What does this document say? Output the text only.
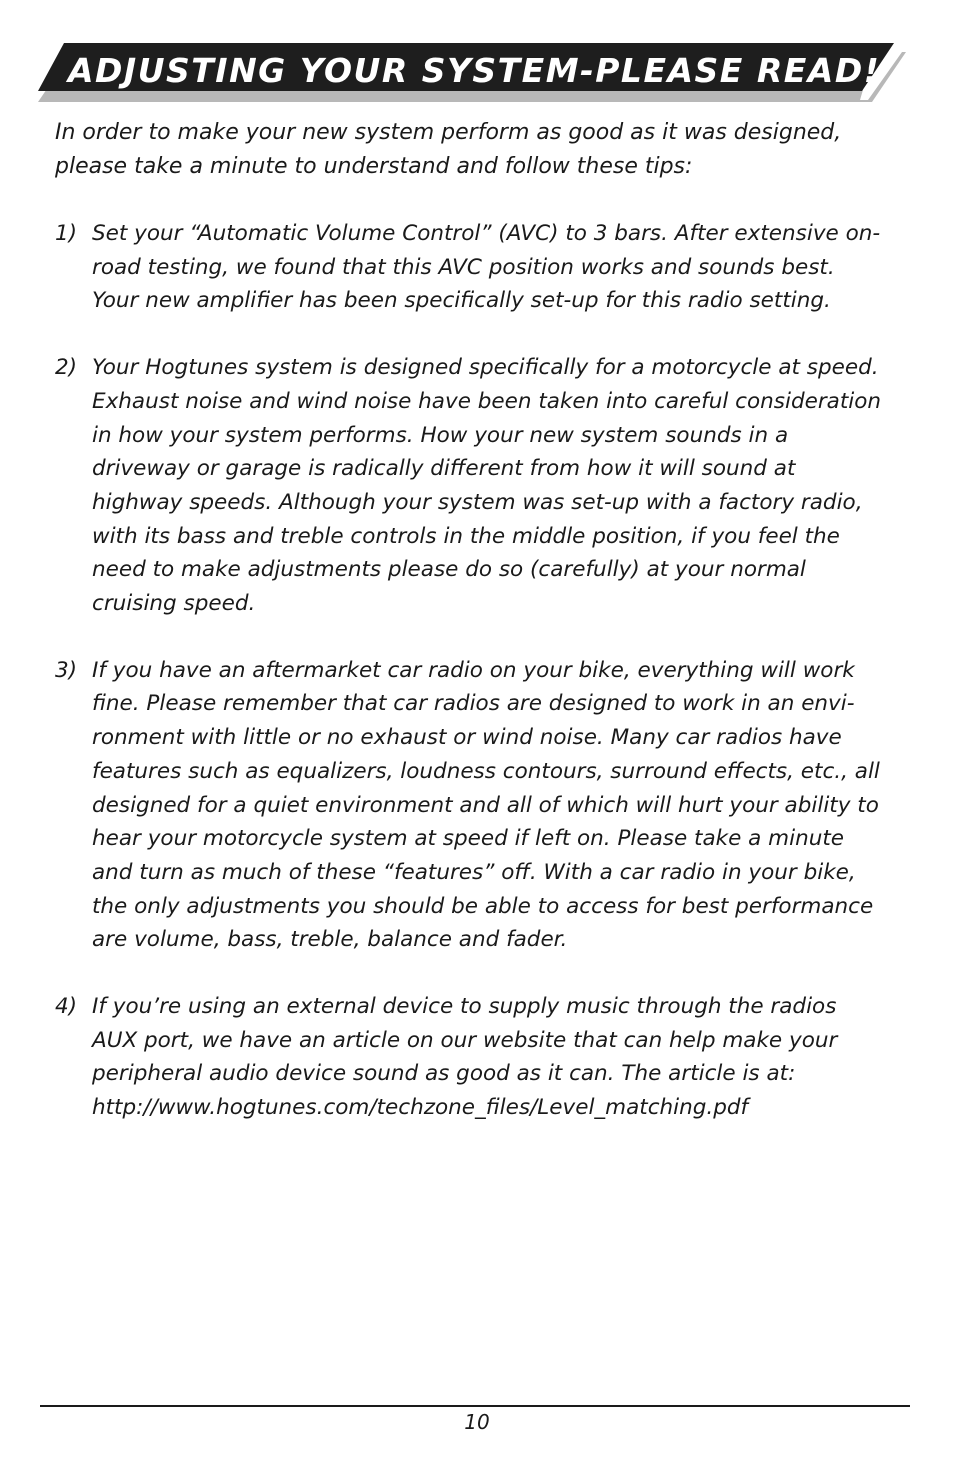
ADJUSTING YOUR SYSTEM-PLEASE READ!

In order to make your new system perform as good as it was designed, please take a minute to understand and follow these tips:

1) Set your “Automatic Volume Control” (AVC) to 3 bars. After extensive on-road testing, we found that this AVC position works and sounds best. Your new amplifier has been specifically set-up for this radio setting.
2) Your Hogtunes system is designed specifically for a motorcycle at speed. Exhaust noise and wind noise have been taken into careful consideration in how your system performs. How your new system sounds in a driveway or garage is radically different from how it will sound at highway speeds. Although your system was set-up with a factory radio, with its bass and treble controls in the middle position, if you feel the need to make adjustments please do so (carefully) at your normal cruising speed.
3) If you have an aftermarket car radio on your bike, everything will work fine. Please remember that car radios are designed to work in an envi-ronment with little or no exhaust or wind noise. Many car radios have features such as equalizers, loudness contours, surround effects, etc., all designed for a quiet environment and all of which will hurt your ability to hear your motorcycle system at speed if left on. Please take a minute and turn as much of these “features” off. With a car radio in your bike, the only adjustments you should be able to access for best performance are volume, bass, treble, balance and fader.
4) If you’re using an external device to supply music through the radios AUX port, we have an article on our website that can help make your peripheral audio device sound as good as it can. The article is at: http://www.hogtunes.com/techzone_files/Level_matching.pdf
10
